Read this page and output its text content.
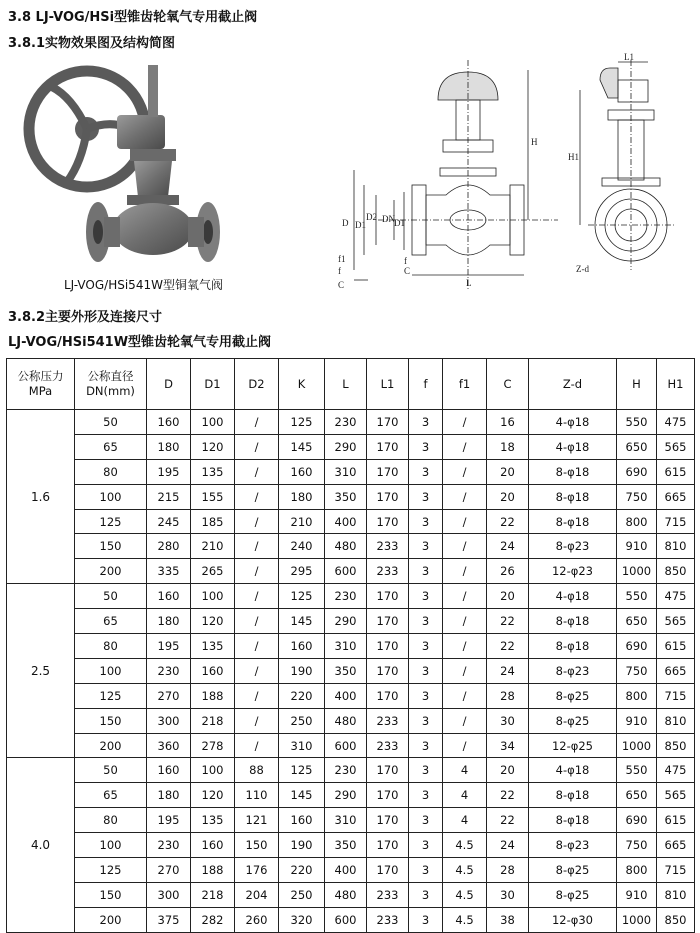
3.8 LJ-VOG/HSi型锥齿轮氧气专用截止阀
3.8.1实物效果图及结构简图
LJ-VOG/HSi541W型铜氧气阀
D D1
D2 DN D1
f1
f
C
f
C
L
H
L1
H1
Z-d
3.8.2主要外形及连接尺寸
LJ-VOG/HSi541W型锥齿轮氧气专用截止阀
公称压力
MPa	公称直径
DN(mm)	D	D1	D2	K	L	L1	f	f1	C	Z-d	H	H1
1.6	50	160	100	/	125	230	170	3	/	16	4-φ18	550	475
	65	180	120	/	145	290	170	3	/	18	4-φ18	650	565
	80	195	135	/	160	310	170	3	/	20	8-φ18	690	615
	100	215	155	/	180	350	170	3	/	20	8-φ18	750	665
	125	245	185	/	210	400	170	3	/	22	8-φ18	800	715
	150	280	210	/	240	480	233	3	/	24	8-φ23	910	810
	200	335	265	/	295	600	233	3	/	26	12-φ23	1000	850
2.5	50	160	100	/	125	230	170	3	/	20	4-φ18	550	475
	65	180	120	/	145	290	170	3	/	22	8-φ18	650	565
	80	195	135	/	160	310	170	3	/	22	8-φ18	690	615
	100	230	160	/	190	350	170	3	/	24	8-φ23	750	665
	125	270	188	/	220	400	170	3	/	28	8-φ25	800	715
	150	300	218	/	250	480	233	3	/	30	8-φ25	910	810
	200	360	278	/	310	600	233	3	/	34	12-φ25	1000	850
4.0	50	160	100	88	125	230	170	3	4	20	4-φ18	550	475
	65	180	120	110	145	290	170	3	4	22	8-φ18	650	565
	80	195	135	121	160	310	170	3	4	22	8-φ18	690	615
	100	230	160	150	190	350	170	3	4.5	24	8-φ23	750	665
	125	270	188	176	220	400	170	3	4.5	28	8-φ25	800	715
	150	300	218	204	250	480	233	3	4.5	30	8-φ25	910	810
	200	375	282	260	320	600	233	3	4.5	38	12-φ30	1000	850
